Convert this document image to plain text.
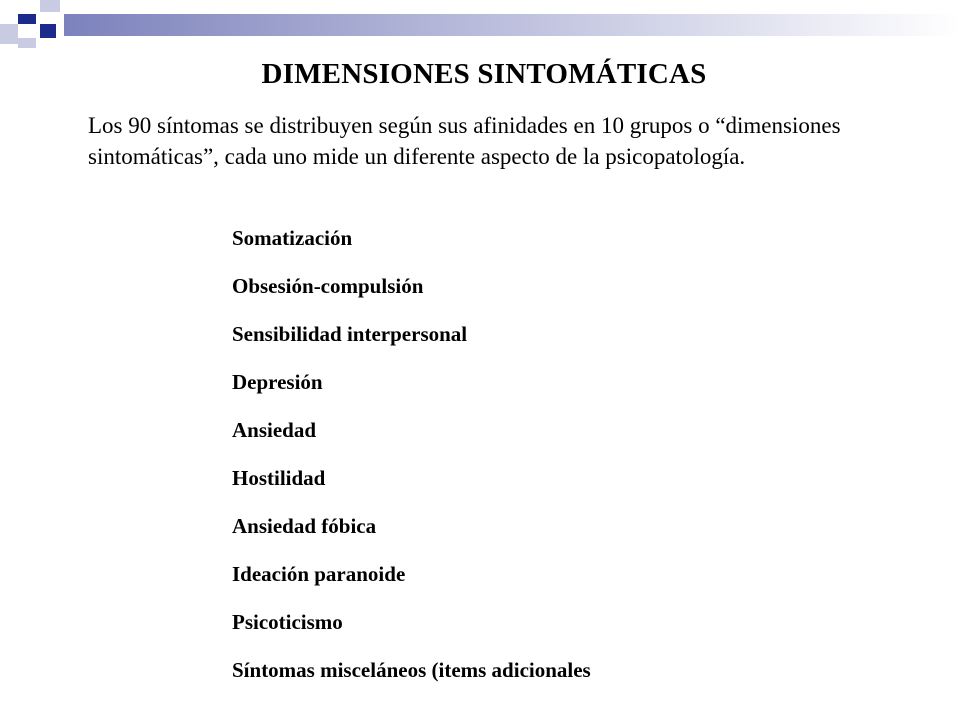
DIMENSIONES SINTOMÁTICAS
Los 90 síntomas se distribuyen según sus afinidades en 10 grupos o “dimensiones sintomáticas”, cada uno mide un diferente aspecto de la psicopatología.
Somatización
Obsesión-compulsión
Sensibilidad interpersonal
Depresión
Ansiedad
Hostilidad
Ansiedad fóbica
Ideación paranoide
Psicoticismo
Síntomas misceláneos (items adicionales
